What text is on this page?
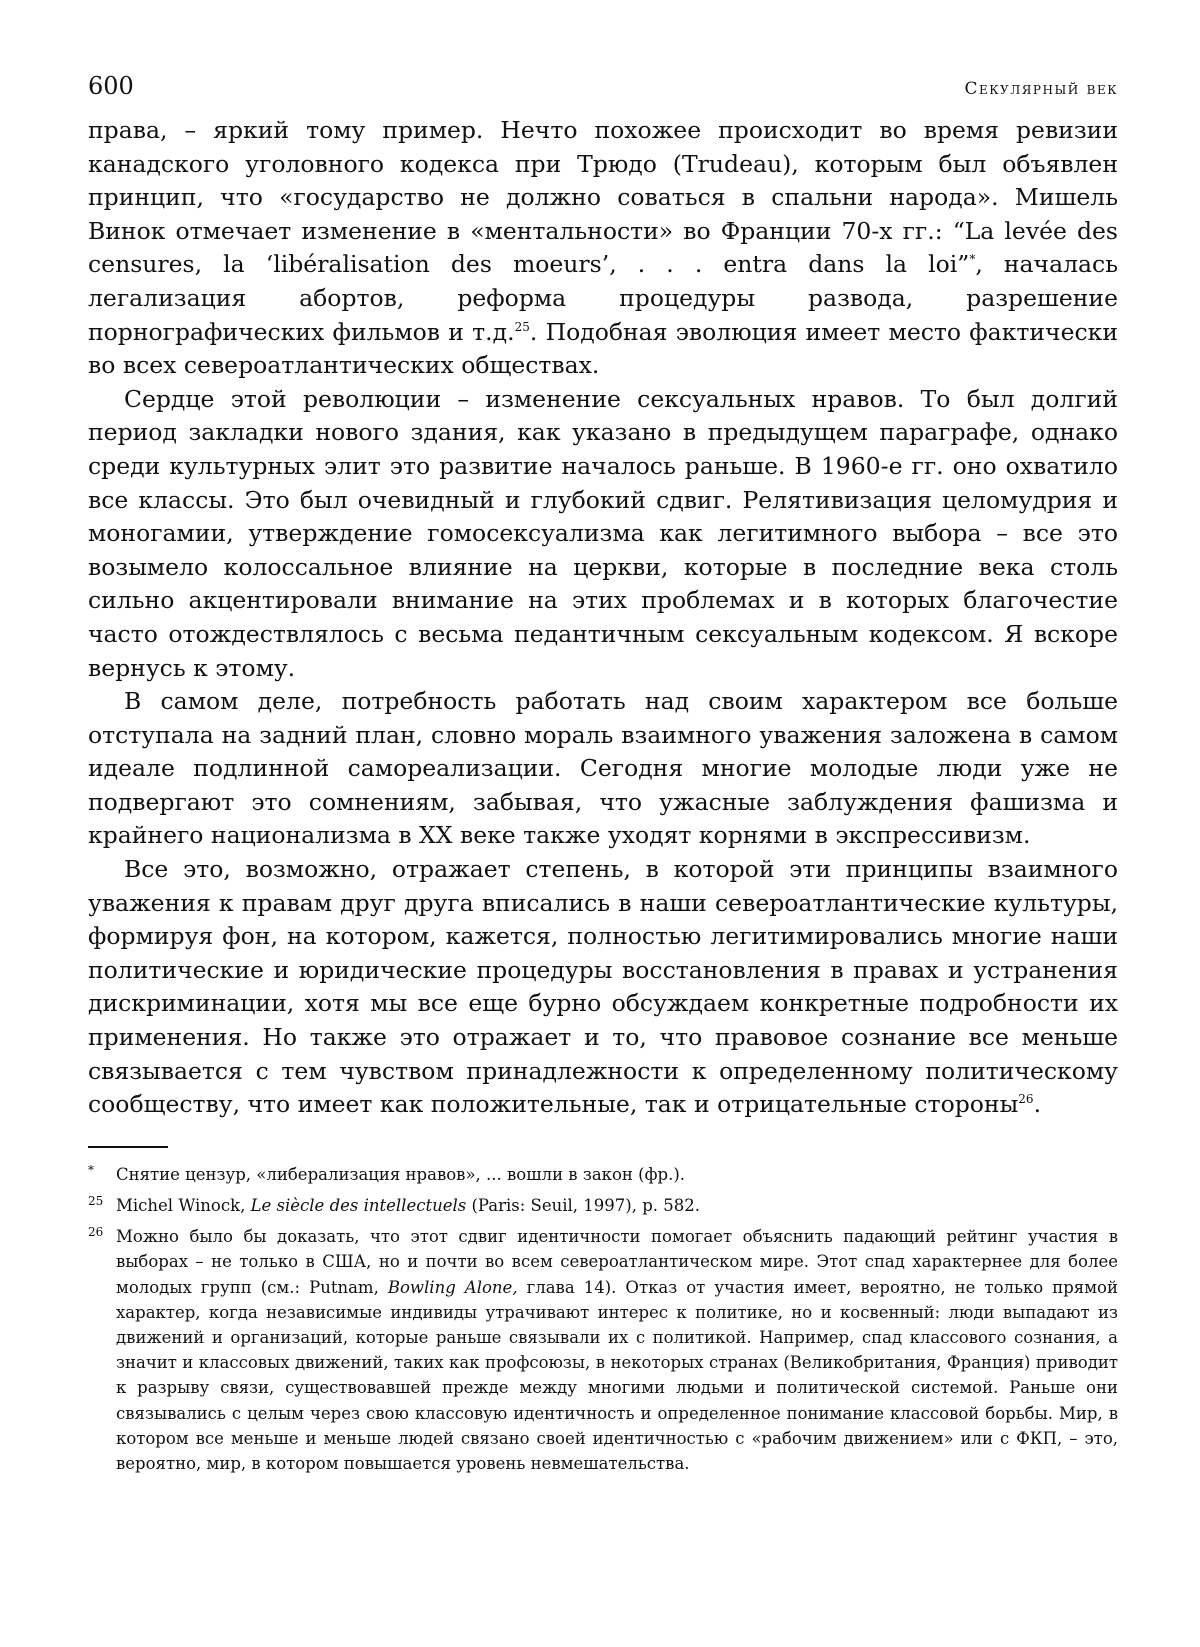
600	Секулярный век

права, – яркий тому пример. Нечто похожее происходит во время ревизии канадского уголовного кодекса при Трюдо (Trudeau), которым был объявлен принцип, что «государство не должно соваться в спальни народа». Мишель Винок отмечает изменение в «ментальности» во Франции 70-х гг.: “La levée des censures, la ‘libéralisation des moeurs’, . . . entra dans la loi”*, началась легализация абортов, реформа процедуры развода, разрешение порнографических фильмов и т.д.$^{25}$. Подобная эволюция имеет место фактически во всех североатлантических обществах.

Сердце этой революции – изменение сексуальных нравов. То был долгий период закладки нового здания, как указано в предыдущем параграфе, однако среди культурных элит это развитие началось раньше. В 1960-е гг. оно охватило все классы. Это был очевидный и глубокий сдвиг. Релятивизация целомудрия и моногамии, утверждение гомосексуализма как легитимного выбора – все это возымело колоссальное влияние на церкви, которые в последние века столь сильно акцентировали внимание на этих проблемах и в которых благочестие часто отождествлялось с весьма педантичным сексуальным кодексом. Я вскоре вернусь к этому.

В самом деле, потребность работать над своим характером все больше отступала на задний план, словно мораль взаимного уважения заложена в самом идеале подлинной самореализации. Сегодня многие молодые люди уже не подвергают это сомнениям, забывая, что ужасные заблуждения фашизма и крайнего национализма в XX веке также уходят корнями в экспрессивизм.

Все это, возможно, отражает степень, в которой эти принципы взаимного уважения к правам друг друга вписались в наши североатлантические культуры, формируя фон, на котором, кажется, полностью легитимировались многие наши политические и юридические процедуры восстановления в правах и устранения дискриминации, хотя мы все еще бурно обсуждаем конкретные подробности их применения. Но также это отражает и то, что правовое сознание все меньше связывается с тем чувством принадлежности к определенному политическому сообществу, что имеет как положительные, так и отрицательные стороны$^{26}$.

*	Снятие цензур, «либерализация нравов», ... вошли в закон (фр.).
25 Michel Winock, Le siècle des intellectuels (Paris: Seuil, 1997), p. 582.
26 Можно было бы доказать, что этот сдвиг идентичности помогает объяснить падающий рейтинг участия в выборах – не только в США, но и почти во всем североатлантическом мире. Этот спад характернее для более молодых групп (см.: Putnam, Bowling Alone, глава 14). Отказ от участия имеет, вероятно, не только прямой характер, когда независимые индивиды утрачивают интерес к политике, но и косвенный: люди выпадают из движений и организаций, которые раньше связывали их с политикой. Например, спад классового сознания, а значит и классовых движений, таких как профсоюзы, в некоторых странах (Великобритания, Франция) приводит к разрыву связи, существовавшей прежде между многими людьми и политической системой. Раньше они связывались с целым через свою классовую идентичность и определенное понимание классовой борьбы. Мир, в котором все меньше и меньше людей связано своей идентичностью с «рабочим движением» или с ФКП, – это, вероятно, мир, в котором повышается уровень невмешательства.
